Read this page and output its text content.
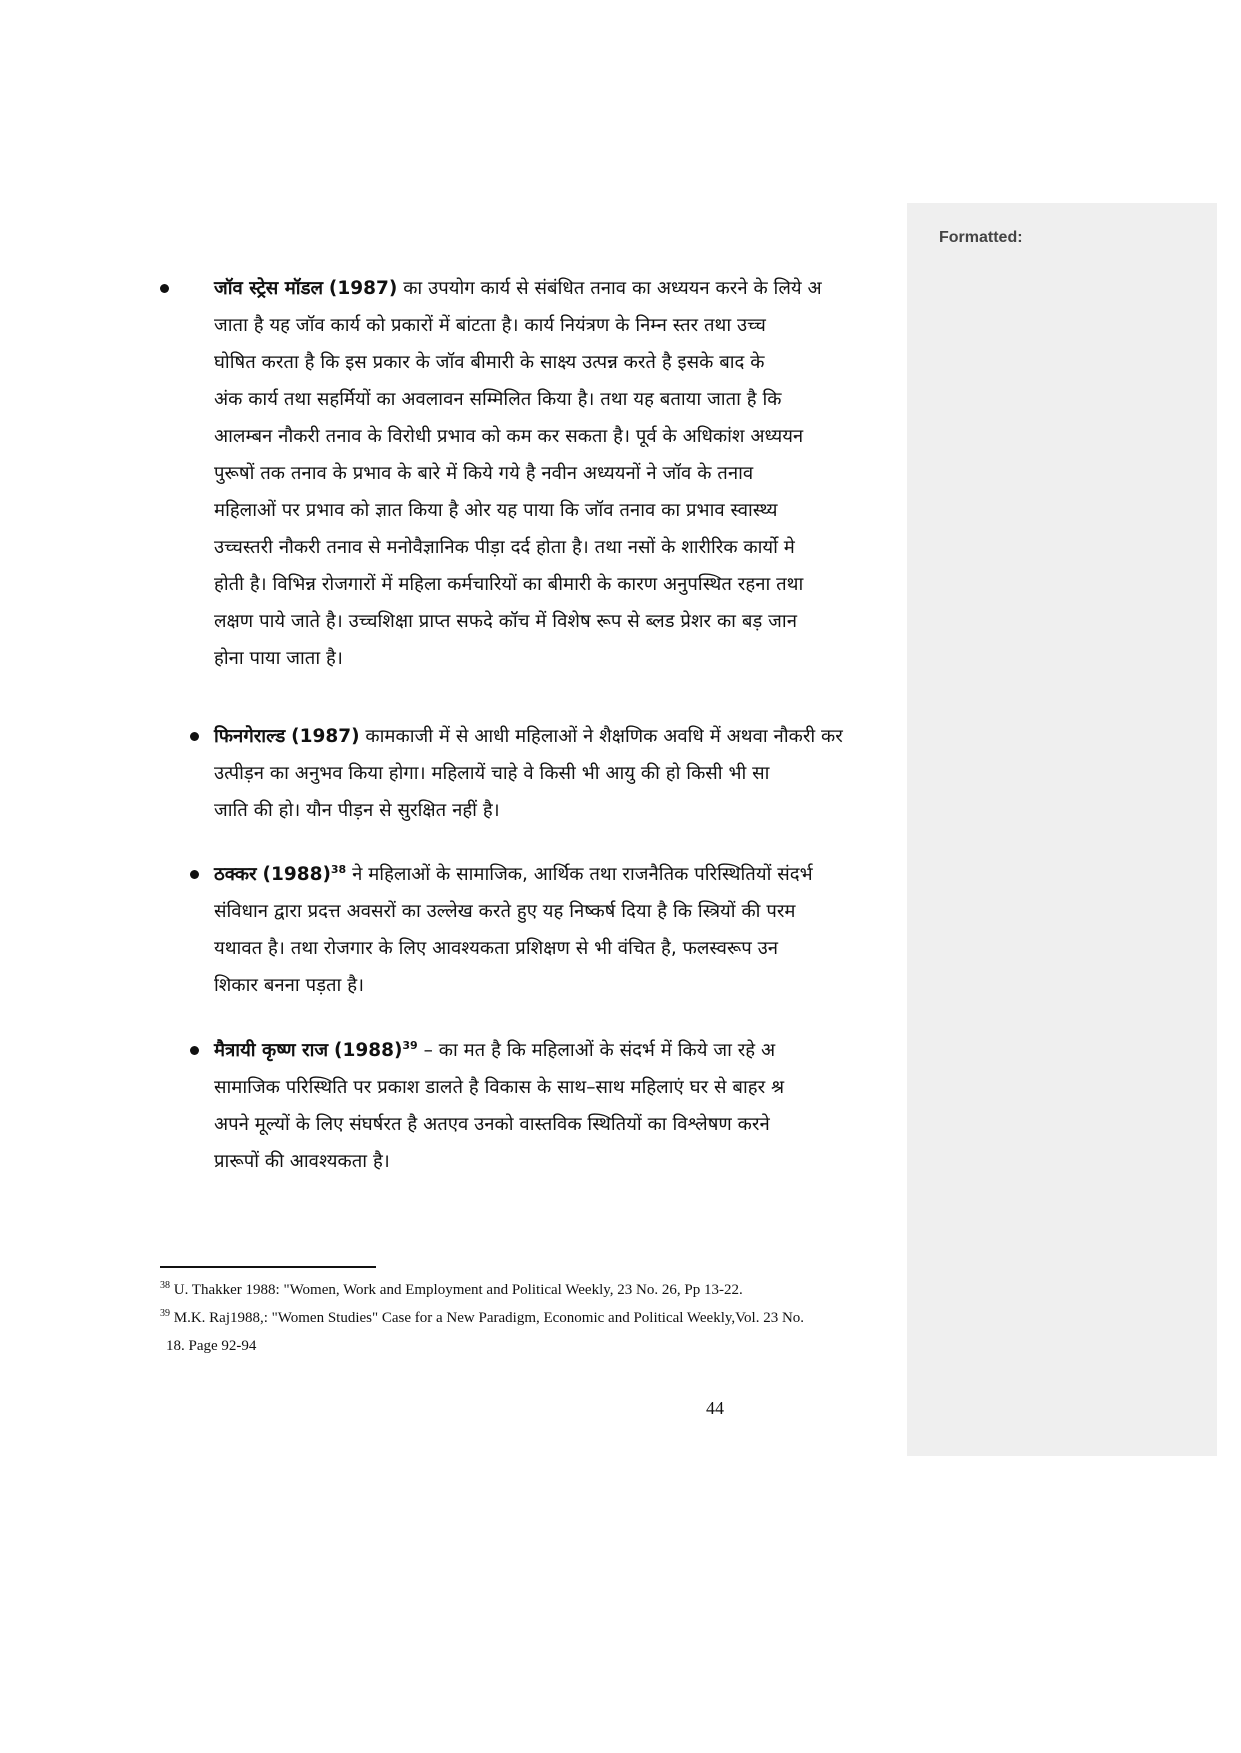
Formatted:
जॉव स्ट्रेस मॉडल (1987) का उपयोग कार्य से संबंधित तनाव का अध्ययन करने के लिये अ
जाता है यह जॉव कार्य को प्रकारों में बांटता है। कार्य नियंत्रण के निम्न स्तर तथा उच्च
घोषित करता है कि इस प्रकार के जॉव बीमारी के साक्ष्य उत्पन्न करते है इसके बाद के
अंक कार्य तथा सहर्मियों का अवलावन सम्मिलित किया है। तथा यह बताया जाता है कि
आलम्बन नौकरी तनाव के विरोधी प्रभाव को कम कर सकता है। पूर्व के अधिकांश अध्ययन
पुरूषों तक तनाव के प्रभाव के बारे में किये गये है नवीन अध्ययनों ने जॉव के तनाव
महिलाओं पर प्रभाव को ज्ञात किया है ओर यह पाया कि जॉव तनाव का प्रभाव स्वास्थ्य
उच्चस्तरी नौकरी तनाव से मनोवैज्ञानिक पीड़ा दर्द होता है। तथा नसों के शारीरिक कार्यो मे
होती है। विभिन्न रोजगारों में महिला कर्मचारियों का बीमारी के कारण अनुपस्थित रहना तथा
लक्षण पाये जाते है। उच्चशिक्षा प्राप्त सफदे कॉच में विशेष रूप से ब्लड प्रेशर का बड़ जान
होना पाया जाता है।
फिनगेराल्ड (1987) कामकाजी में से आधी महिलाओं ने शैक्षणिक अवधि में अथवा नौकरी कर
उत्पीड़न का अनुभव किया होगा। महिलायें चाहे वे किसी भी आयु की हो किसी भी सा
जाति की हो। यौन पीड़न से सुरक्षित नहीं है।
ठक्कर (1988)$^{38}$ ने महिलाओं के सामाजिक, आर्थिक तथा राजनैतिक परिस्थितियों संदर्भ
संविधान द्वारा प्रदत्त अवसरों का उल्लेख करते हुए यह निष्कर्ष दिया है कि स्त्रियों की परम
यथावत है। तथा रोजगार के लिए आवश्यकता प्रशिक्षण से भी वंचित है, फलस्वरूप उन
शिकार बनना पड़ता है।
मैत्रायी कृष्ण राज (1988)$^{39}$ – का मत है कि महिलाओं के संदर्भ में किये जा रहे अ
सामाजिक परिस्थिति पर प्रकाश डालते है विकास के साथ–साथ महिलाएं घर से बाहर श्र
अपने मूल्यों के लिए संघर्षरत है अतएव उनको वास्तविक स्थितियों का विश्लेषण करने
प्रारूपों की आवश्यकता है।
$^{38}$ U. Thakker 1988: "Women, Work and Employment and Political Weekly, 23 No. 26, Pp 13-22.
$^{39}$ M.K. Raj1988,: "Women Studies" Case for a New Paradigm, Economic and Political Weekly,Vol. 23 No.
18. Page 92-94
44
